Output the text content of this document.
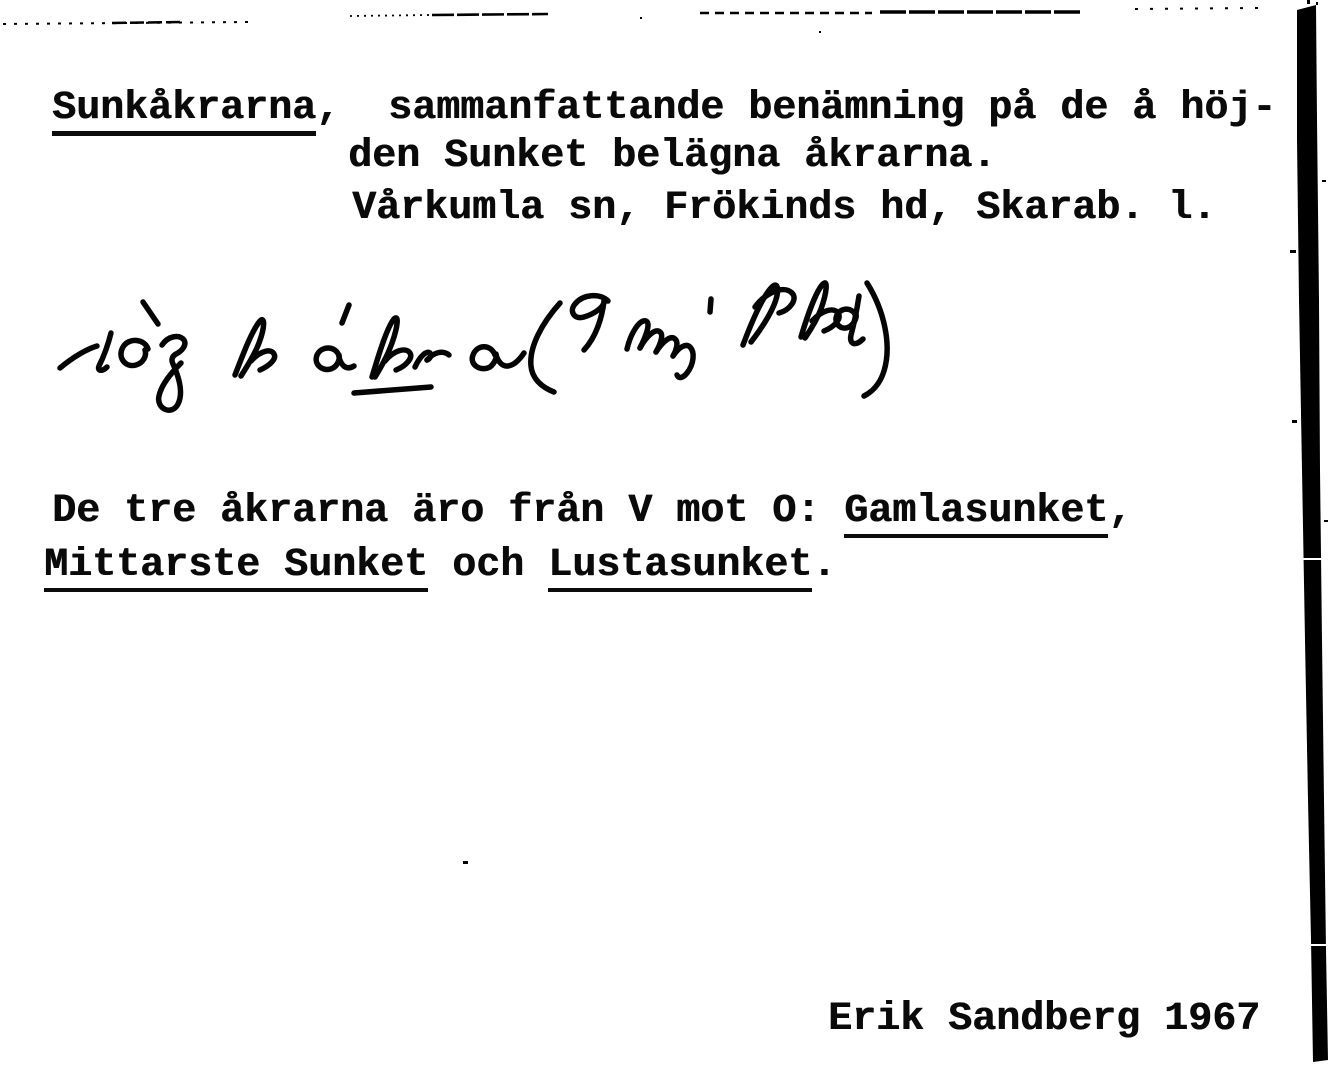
Sunkåkrarna,  sammanfattande benämning på de å höj-
den Sunket belägna åkrarna.
Vårkumla sn, Frökinds hd, Skarab. l.
De tre åkrarna äro från V mot O: Gamlasunket,
Mittarste Sunket och Lustasunket.
Erik Sandberg 1967
